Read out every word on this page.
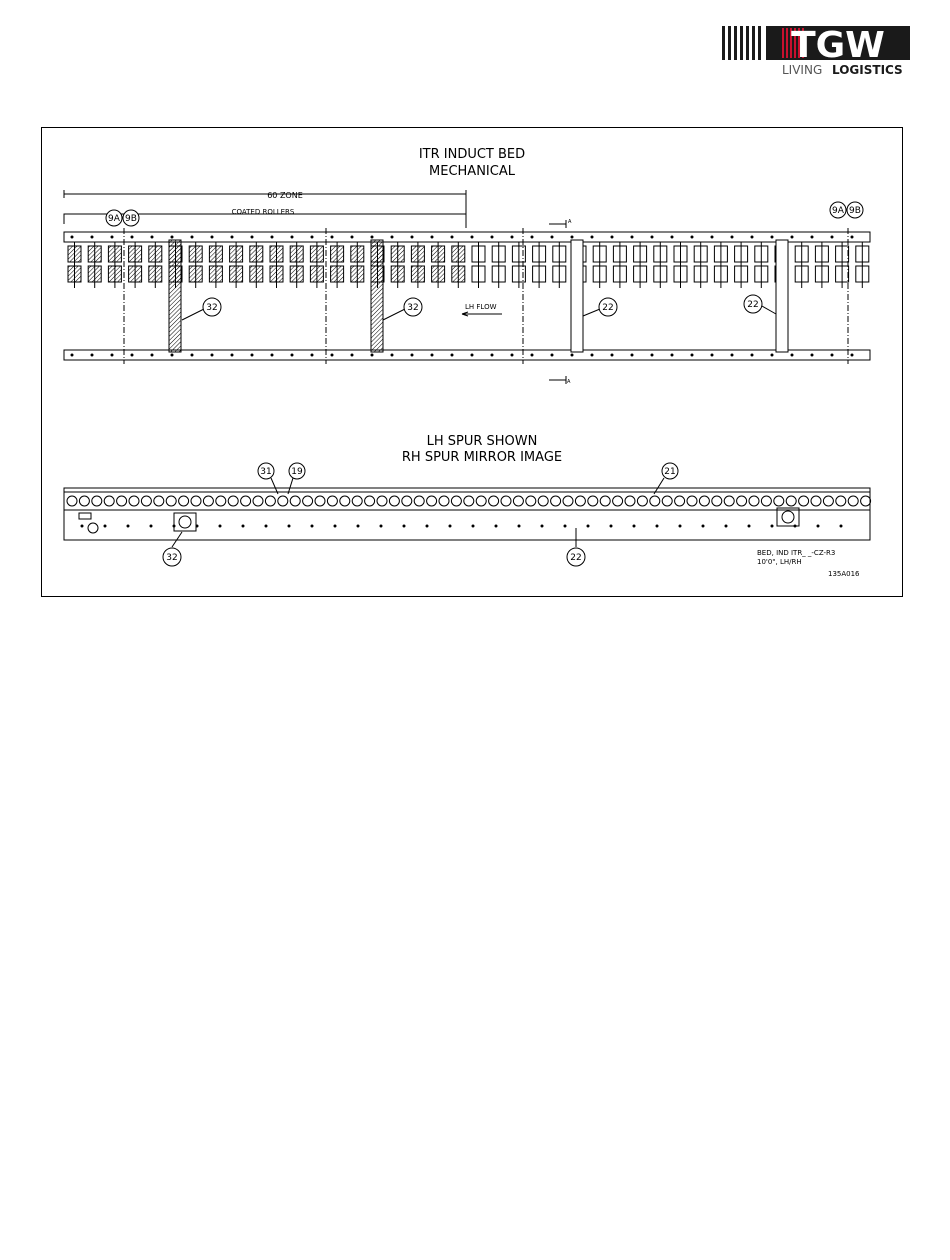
TGW
LIVING LOGISTICS
ITR INDUCT BED
MECHANICAL
60 ZONE
COATED ROLLERS
LH FLOW
A
A
LH SPUR SHOWN
RH SPUR MIRROR IMAGE
9A 9B
9A 9B
32	32	22	22
31 19	21
32	22	BED, IND ITR_ _-CZ-R3
10'0", LH/RH
135A016
